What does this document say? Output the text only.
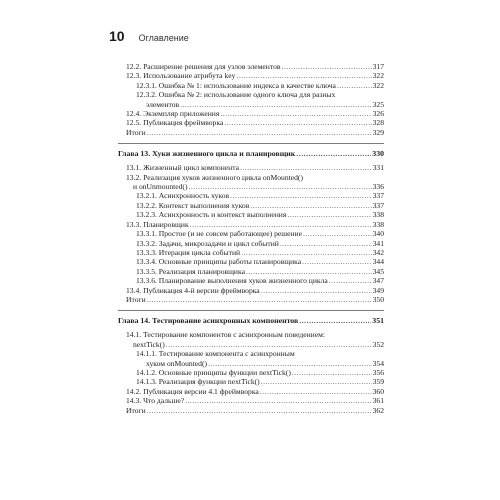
10 Оглавление
12.2. Расширение решения для узлов элементов .....	317
12.3. Использование атрибута key .....	322
12.3.1. Ошибка № 1: использование индекса в качестве ключа .....	322
12.3.2. Ошибка № 2: использование одного ключа для разных
элементов .....	325
12.4. Экземпляр приложения .....	326
12.5. Публикация фреймворка .....	328
Итоги .....	329
Глава 13. Хуки жизненного цикла и планировщик .....	330
13.1. Жизненный цикл компонента .....	331
13.2. Реализация хуков жизненного цикла onMounted()
и onUnmounted() .....	336
13.2.1. Асинхронность хуков .....	337
13.2.2. Контекст выполнения хуков .....	337
13.2.3. Асинхронность и контекст выполнения .....	338
13.3. Планировщик .....	338
13.3.1. Простое (и не совсем работающее) решение .....	340
13.3.2. Задачи, микрозадачи и цикл событий .....	341
13.3.3. Итерация цикла событий .....	342
13.3.4. Основные принципы работы планировщика .....	344
13.3.5. Реализация планировщика .....	345
13.3.6. Планирование выполнения хуков жизненного цикла .....	347
13.4. Публикация 4-й версии фреймворка .....	349
Итоги .....	350
Глава 14. Тестирование асинхронных компонентов .....	351
14.1. Тестирование компонентов с асинхронным поведением:
nextTick() .....	352
14.1.1. Тестирование компонента с асинхронным
хуком onMounted() .....	354
14.1.2. Основные принципы функции nextTick() .....	356
14.1.3. Реализация функции nextTick() .....	359
14.2. Публикация версии 4.1 фреймворка .....	360
14.3. Что дальше? .....	361
Итоги .....	362
